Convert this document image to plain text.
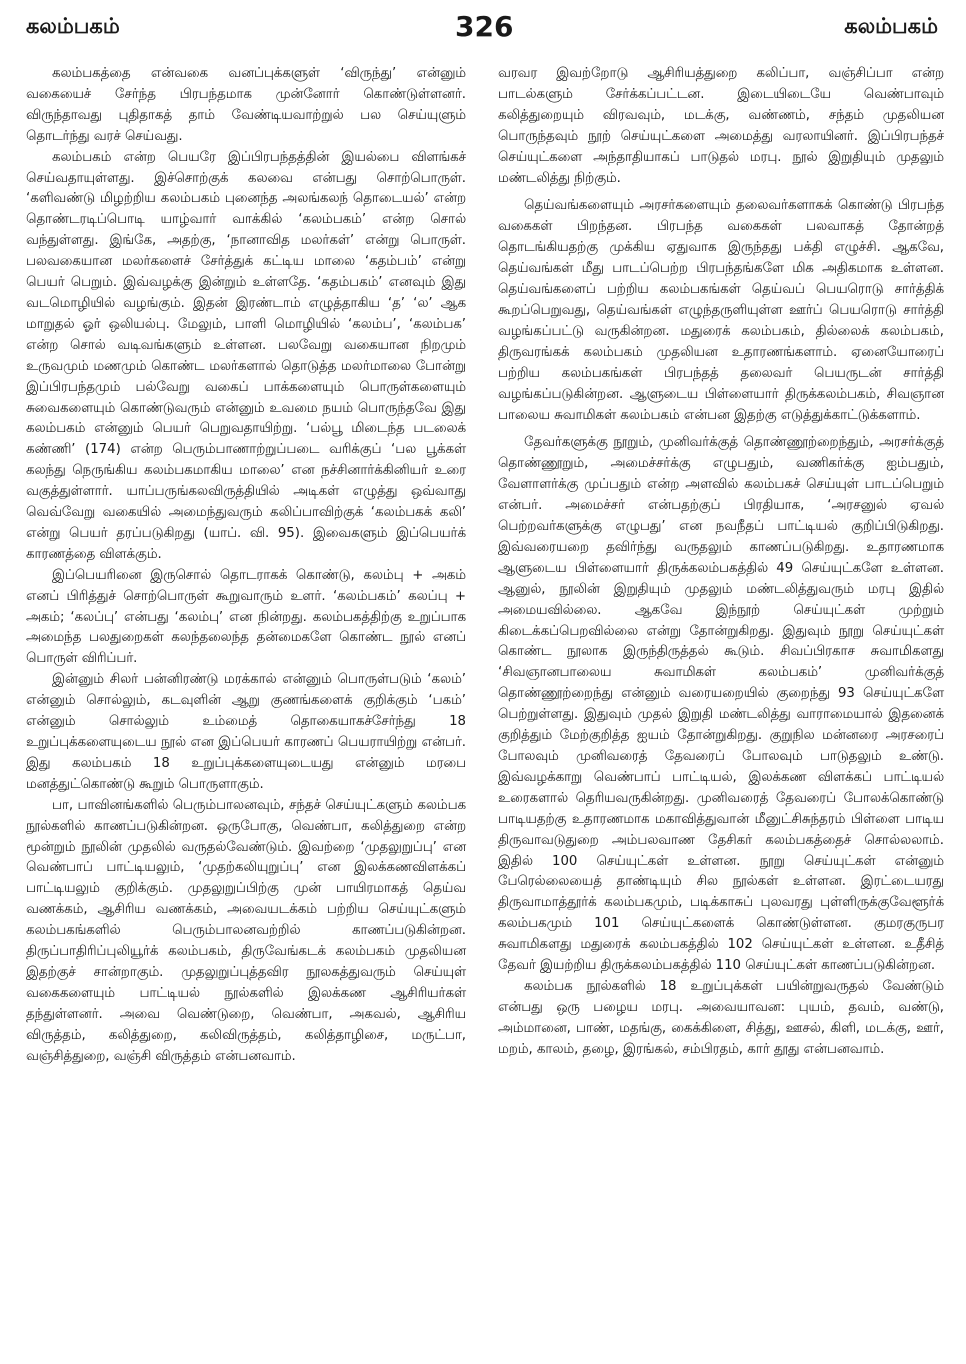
கலம்பகம்	326	கலம்பகம்

கலம்பகத்தை என்வகை வனப்புக்களுள் ‘விருந்து’ என்னும் வகையைச் சேர்ந்த பிரபந்தமாக முன்னோர் கொண்டுள்ளனர். விருந்தாவது புதிதாகத் தாம் வேண்டியவாற்றுல் பல செய்யுளும் தொடர்ந்து வரச் செய்வது.

கலம்பகம் என்ற பெயரே இப்பிரபந்தத்தின் இயல்பை விளங்கச் செய்வதாயுள்ளது. இச்சொற்குக் கலவை என்பது சொற்பொருள். ‘களிவண்டு மிழற்றிய கலம்பகம் புனைந்த அலங்கலந் தொடையல்’ என்ற தொண்டரடிப்பொடி யாழ்வார் வாக்கில் ‘கலம்பகம்’ என்ற சொல் வந்துள்ளது. இங்கே, அதற்கு, ‘நானாவித மலர்கள்’ என்று பொருள். பலவகையான மலர்களைச் சேர்த்துக் கட்டிய மாலை ‘கதம்பம்’ என்று பெயர் பெறும். இவ்வழக்கு இன்றும் உள்ளதே. ‘கதம்பகம்’ எனவும் இது வடமொழியில் வழங்கும். இதன் இரண்டாம் எழுத்தாகிய ‘த’ ‘ல’ ஆக மாறுதல் ஓர் ஒலியல்பு. மேலும், பாளி மொழியில் ‘கலம்ப’, ‘கலம்பக’ என்ற சொல் வடிவங்களும் உள்ளன. பலவேறு வகையான நிறமும் உருவமும் மணமும் கொண்ட மலர்களால் தொடுத்த மலர்மாலை போன்று இப்பிரபந்தமும் பல்வேறு வகைப் பாக்களையும் பொருள்களையும் சுவைகளையும் கொண்டுவரும் என்னும் உவமை நயம் பொருந்தவே இது கலம்பகம் என்னும் பெயர் பெறுவதாயிற்று. ‘பல்பூ மிடைந்த படலைக் கண்ணி’ (174) என்ற பெரும்பாணாற்றுப்படை வரிக்குப் ‘பல பூக்கள் கலந்து நெருங்கிய கலம்பகமாகிய மாலை’ என நச்சினார்க்கினியர் உரை வகுத்துள்ளார். யாப்பருங்கலவிருத்தியில் அடிகள் எழுத்து ஒவ்வாது வெவ்வேறு வகையில் அமைந்துவரும் கலிப்பாவிற்குக் ‘கலம்பகக் கலி’ என்று பெயர் தரப்படுகிறது (யாப். வி. 95). இவைகளும் இப்பெயர்க் காரணத்தை விளக்கும்.

இப்பெயரினை இருசொல் தொடராகக் கொண்டு, கலம்பு + அகம் எனப் பிரித்துச் சொற்பொருள் கூறுவாரும் உளர். ‘கலம்பகம்’ கலப்பு + அகம்; ‘கலப்பு’ என்பது ‘கலம்பு’ என நின்றது. கலம்பகத்திற்கு உறுப்பாக அமைந்த பலதுறைகள் கலந்தலைந்த தன்மைகளே கொண்ட நூல் எனப் பொருள் விரிப்பர்.

இன்னும் சிலர் பன்னிரண்டு மரக்கால் என்னும் பொருள்படும் ‘கலம்’ என்னும் சொல்லும், கடவுளின் ஆறு குணங்களைக் குறிக்கும் ‘பகம்’ என்னும் சொல்லும் உம்மைத் தொகையாகச்சேர்ந்து 18 உறுப்புக்களையுடைய நூல் என இப்பெயர் காரணப் பெயராயிற்று என்பர். இது கலம்பகம் 18 உறுப்புக்களையுடையது என்னும் மரபை மனத்துட்கொண்டு கூறும் பொருளாகும்.

பா, பாவினங்களில் பெரும்பாலனவும், சந்தச் செய்யுட்களும் கலம்பக நூல்களில் காணப்படுகின்றன. ஒருபோகு, வெண்பா, கலித்துறை என்ற மூன்றும் நூலின் முதலில் வருதல்வேண்டும். இவற்றை ‘முதலுறுப்பு’ என வெண்பாப் பாட்டியலும், ‘முதற்கலியுறுப்பு’ என இலக்கணவிளக்கப் பாட்டியலும் குறிக்கும். முதலுறுப்பிற்கு முன் பாயிரமாகத் தெய்வ வணக்கம், ஆசிரிய வணக்கம், அவையடக்கம் பற்றிய செய்யுட்களும் கலம்பகங்களில் பெரும்பாலனவற்றில் காணப்படுகின்றன. திருப்பாதிரிப்புலியூர்க் கலம்பகம், திருவேங்கடக் கலம்பகம் முதலியன இதற்குச் சான்றாகும். முதலுறுப்புத்தவிர நூலகத்துவரும் செய்யுள் வகைகளையும் பாட்டியல் நூல்களில் இலக்கண ஆசிரியர்கள் தந்துள்ளனர். அவை வெண்டுறை, வெண்பா, அகவல், ஆசிரிய விருத்தம், கலித்துறை, கலிவிருத்தம், கலித்தாழிசை, மருட்பா, வஞ்சித்துறை, வஞ்சி விருத்தம் என்பனவாம்.

வரவர இவற்றோடு ஆசிரியத்துறை கலிப்பா, வஞ்சிப்பா என்ற பாடல்களும் சேர்க்கப்பட்டன. இடையிடையே வெண்பாவும் கலித்துறையும் விரவவும், மடக்கு, வண்ணம், சந்தம் முதலியன பொருந்தவும் நூற் செய்யுட்களை அமைத்து வரலாயினர். இப்பிரபந்தச் செய்யுட்களை அந்தாதியாகப் பாடுதல் மரபு. நூல் இறுதியும் முதலும் மண்டலித்து நிற்கும்.

தெய்வங்களையும் அரசர்களையும் தலைவர்களாகக் கொண்டு பிரபந்த வகைகள் பிறந்தன. பிரபந்த வகைகள் பலவாகத் தோன்றத் தொடங்கியதற்கு முக்கிய ஏதுவாக இருந்தது பக்தி எழுச்சி. ஆகவே, தெய்வங்கள் மீது பாடப்பெற்ற பிரபந்தங்களே மிக அதிகமாக உள்ளன. தெய்வங்களைப் பற்றிய கலம்பகங்கள் தெய்வப் பெயரொடு சார்த்திக் கூறப்பெறுவது, தெய்வங்கள் எழுந்தருளியுள்ள ஊர்ப் பெயரொடு சார்த்தி வழங்கப்பட்டு வருகின்றன. மதுரைக் கலம்பகம், தில்லைக் கலம்பகம், திருவரங்கக் கலம்பகம் முதலியன உதாரணங்களாம். ஏனையோரைப் பற்றிய கலம்பகங்கள் பிரபந்தத் தலைவர் பெயருடன் சார்த்தி வழங்கப்படுகின்றன. ஆளுடைய பிள்ளையார் திருக்கலம்பகம், சிவஞான பாலைய சுவாமிகள் கலம்பகம் என்பன இதற்கு எடுத்துக்காட்டுக்களாம்.

தேவர்களுக்கு நூறும், முனிவர்க்குத் தொண்ணூற்றைந்தும், அரசர்க்குத் தொண்ணூறும், அமைச்சர்க்கு எழுபதும், வணிகர்க்கு ஐம்பதும், வேளாளர்க்கு முப்பதும் என்ற அளவில் கலம்பகச் செய்யுள் பாடப்பெறும் என்பர். அமைச்சர் என்பதற்குப் பிரதியாக, ‘அரசனுல் ஏவல் பெற்றவர்களுக்கு எழுபது’ என நவநீதப் பாட்டியல் குறிப்பிடுகிறது. இவ்வரையறை தவிர்ந்து வருதலும் காணப்படுகிறது. உதாரணமாக ஆளுடைய பிள்ளையார் திருக்கலம்பகத்தில் 49 செய்யுட்களே உள்ளன. ஆனுல், நூலின் இறுதியும் முதலும் மண்டலித்துவரும் மரபு இதில் அமையவில்லை. ஆகவே இந்நூற் செய்யுட்கள் முற்றும் கிடைக்கப்பெறவில்லை என்று தோன்றுகிறது. இதுவும் நூறு செய்யுட்கள் கொண்ட நூலாக இருந்திருத்தல் கூடும். சிவப்பிரகாச சுவாமிகளது ‘சிவஞானபாலைய சுவாமிகள் கலம்பகம்’ முனிவர்க்குத் தொண்ணூற்றைந்து என்னும் வரையறையில் குறைந்து 93 செய்யுட்களே பெற்றுள்ளது. இதுவும் முதல் இறுதி மண்டலித்து வாராமையால் இதனைக் குறித்தும் மேற்குறித்த ஐயம் தோன்றுகிறது. குறுநில மன்னரை அரசரைப் போலவும் முனிவரைத் தேவரைப் போலவும் பாடுதலும் உண்டு. இவ்வழக்காறு வெண்பாப் பாட்டியல், இலக்கண விளக்கப் பாட்டியல் உரைகளால் தெரியவருகின்றது. முனிவரைத் தேவரைப் போலக்கொண்டு பாடியதற்கு உதாரணமாக மகாவித்துவான் மீனுட்சிசுந்தரம் பிள்ளை பாடிய திருவாவடுதுறை அம்பலவாண தேசிகர் கலம்பகத்தைச் சொல்லலாம். இதில் 100 செய்யுட்கள் உள்ளன. நூறு செய்யுட்கள் என்னும் பேரெல்லையைத் தாண்டியும் சில நூல்கள் உள்ளன. இரட்டையரது திருவாமாத்தூர்க் கலம்பகமும், படிக்காசுப் புலவரது புள்ளிருக்குவேளூர்க் கலம்பகமும் 101 செய்யுட்களைக் கொண்டுள்ளன. குமரகுருபர சுவாமிகளது மதுரைக் கலம்பகத்தில் 102 செய்யுட்கள் உள்ளன. உதீசித் தேவர் இயற்றிய திருக்கலம்பகத்தில் 110 செய்யுட்கள் காணப்படுகின்றன.

கலம்பக நூல்களில் 18 உறுப்புக்கள் பயின்றுவருதல் வேண்டும் என்பது ஒரு பழைய மரபு. அவையாவன: புயம், தவம், வண்டு, அம்மானை, பாண், மதங்கு, கைக்கிளை, சித்து, ஊசல், கிளி, மடக்கு, ஊர், மறம், காலம், தழை, இரங்கல், சம்பிரதம், கார் தூது என்பனவாம்.
